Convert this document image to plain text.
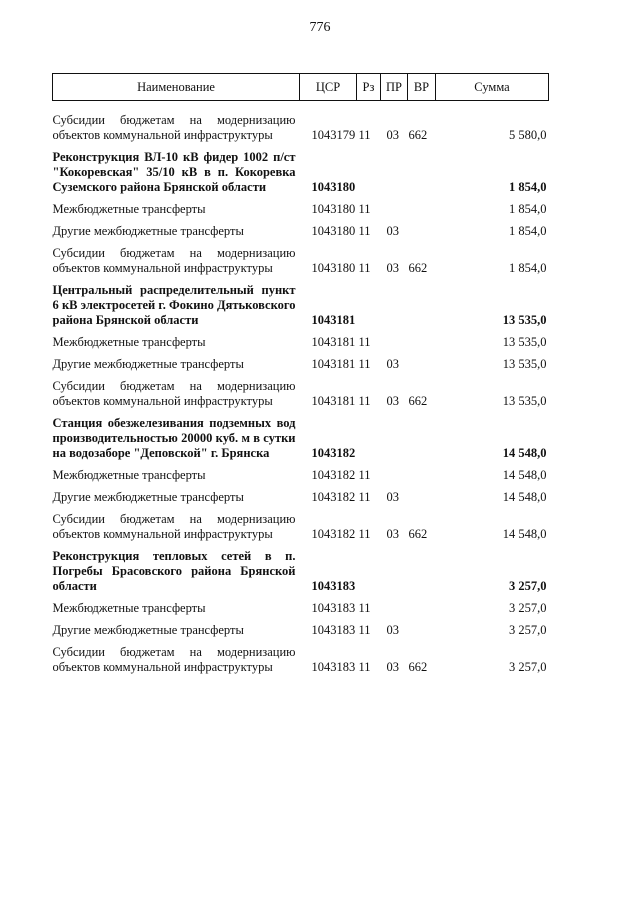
776
Наименование	ЦСР	Рз	ПР	ВР	Сумма

Субсидии бюджетам на модернизацию объектов коммунальной инфраструктуры	1043179	11	03	662	5 580,0
Реконструкция ВЛ-10 кВ фидер 1002 п/ст "Кокоревская" 35/10 кВ в п. Кокоревка Суземского района Брянской области	1043180				1 854,0
Межбюджетные трансферты	1043180	11			1 854,0
Другие межбюджетные трансферты	1043180	11	03		1 854,0
Субсидии бюджетам на модернизацию объектов коммунальной инфраструктуры	1043180	11	03	662	1 854,0
Центральный распределительный пункт 6 кВ электросетей г. Фокино Дятьковского района Брянской области	1043181				13 535,0
Межбюджетные трансферты	1043181	11			13 535,0
Другие межбюджетные трансферты	1043181	11	03		13 535,0
Субсидии бюджетам на модернизацию объектов коммунальной инфраструктуры	1043181	11	03	662	13 535,0
Станция обезжелезивания подземных вод производительностью 20000 куб. м в сутки на водозаборе "Деповской" г. Брянска	1043182				14 548,0
Межбюджетные трансферты	1043182	11			14 548,0
Другие межбюджетные трансферты	1043182	11	03		14 548,0
Субсидии бюджетам на модернизацию объектов коммунальной инфраструктуры	1043182	11	03	662	14 548,0
Реконструкция тепловых сетей в п. Погребы Брасовского района Брянской области	1043183				3 257,0
Межбюджетные трансферты	1043183	11			3 257,0
Другие межбюджетные трансферты	1043183	11	03		3 257,0
Субсидии бюджетам на модернизацию объектов коммунальной инфраструктуры	1043183	11	03	662	3 257,0
